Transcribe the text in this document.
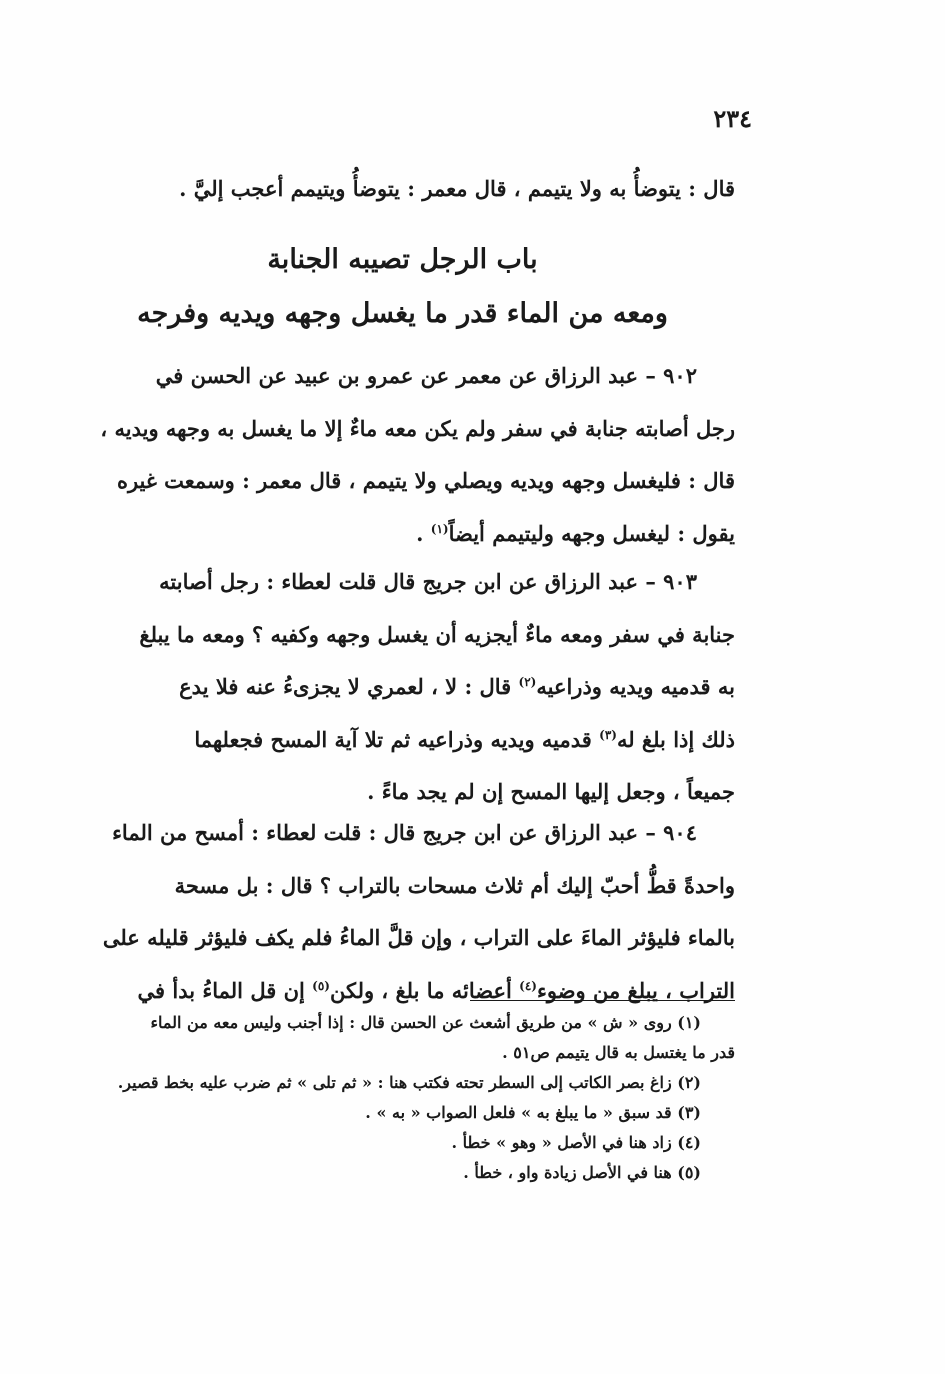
٢٣٤

قال : يتوضأُ به ولا يتيمم ، قال معمر : يتوضأُ ويتيمم أعجب إليَّ .

باب الرجل تصيبه الجنابة
ومعه من الماء قدر ما يغسل وجهه ويديه وفرجه

٩٠٢ – عبد الرزاق عن معمر عن عمرو بن عبيد عن الحسن في

رجل أصابته جنابة في سفر ولم يكن معه ماءٌ إلا ما يغسل به وجهه ويديه ،

قال : فليغسل وجهه ويديه ويصلي ولا يتيمم ، قال معمر : وسمعت غيره

يقول : ليغسل وجهه وليتيمم أيضاً$^{(١)}$ .

٩٠٣ – عبد الرزاق عن ابن جريج قال قلت لعطاء : رجل أصابته

جنابة في سفر ومعه ماءٌ أيجزيه أن يغسل وجهه وكفيه ؟ ومعه ما يبلغ

به قدميه ويديه وذراعيه$^{(٢)}$ قال : لا ، لعمري لا يجزىءُ عنه فلا يدع

ذلك إذا بلغ له$^{(٣)}$ قدميه ويديه وذراعيه ثم تلا آية المسح فجعلهما

جميعاً ، وجعل إليها المسح إن لم يجد ماءً .

٩٠٤ – عبد الرزاق عن ابن جريج قال : قلت لعطاء : أمسح من الماء

واحدةً قطُّ أحبّ إليك أم ثلاث مسحات بالتراب ؟ قال : بل مسحة

بالماء فليؤثر الماءَ على التراب ، وإن قلَّ الماءُ فلم يكف فليؤثر قليله على

التراب ، يبلغ من وضوء$^{(٤)}$ أعضائه ما بلغ ، ولكن$^{(٥)}$ إن قل الماءُ بدأ في

(١) روى « ش » من طريق أشعث عن الحسن قال : إذا أجنب وليس معه من الماء

قدر ما يغتسل به قال يتيمم ص٥١ .

(٢) زاغ بصر الكاتب إلى السطر تحته فكتب هنا : « ثم تلى » ثم ضرب عليه بخط قصير.

(٣) قد سبق « ما يبلغ به » فلعل الصواب « به » .

(٤) زاد هنا في الأصل « وهو » خطأ .

(٥) هنا في الأصل زيادة واو ، خطأ .
